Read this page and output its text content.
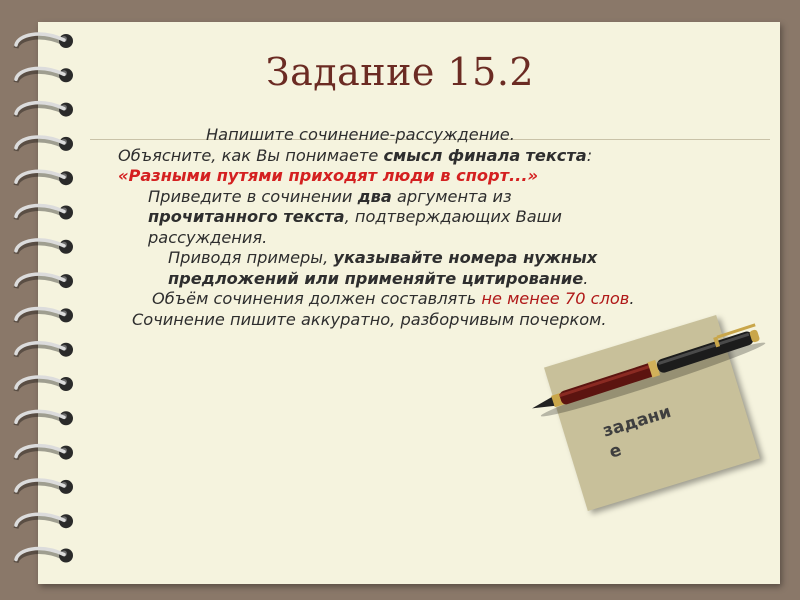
Задание 15.2

Напишите сочинение-рассуждение.

Объясните, как Вы понимаете смысл финала текста: «Разными путями приходят люди в спорт...»

Приведите в сочинении два аргумента из прочитанного текста, подтверждающих Ваши рассуждения.

Приводя примеры, указывайте номера нужных предложений или применяйте цитирование.

Объём сочинения должен составлять не менее 70 слов.

Сочинение пишите аккуратно, разборчивым почерком.

задание
